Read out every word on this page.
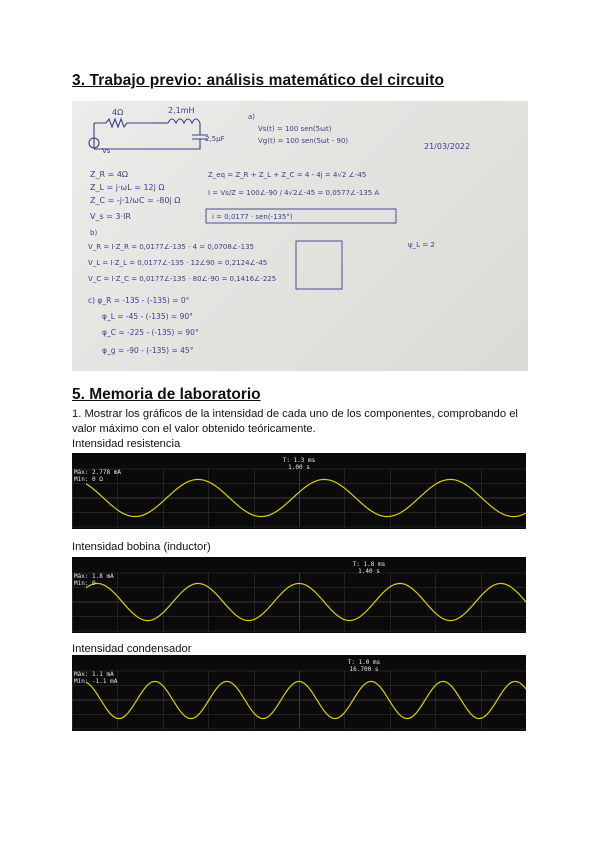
3. Trabajo previo: análisis matemático del circuito
4Ω	2,1mH
2,5μF
Vs
a)
Vs(t) = 100 sen(5ωt)
Vg(t) = 100 sen(5ωt - 90)
21/03/2022
Z_R = 4Ω
Z_L = j·ωL = 12j Ω
Z_C = -j·1/ωC = -80j Ω
V_s = 3·IR
Z_eq = Z_R + Z_L + Z_C = 4 - 4j = 4√2 ∠-45
I = Vs/Z = 100∠-90 / 4√2∠-45 = 0,0577∠-135 A
i = 0,0177 · sen(-135°)
b)
V_R = I·Z_R = 0,0177∠-135 · 4 = 0,0708∠-135
V_L = I·Z_L = 0,0177∠-135 · 12∠90 = 0,2124∠-45
V_C = I·Z_C = 0,0177∠-135 · 80∠-90 = 0,1416∠-225
ψ_L = 2
c) φ_R = -135 - (-135) = 0°
φ_L = -45 - (-135) = 90°
φ_C = -225 - (-135) = 90°
φ_g = -90 - (-135) = 45°
5. Memoria de laboratorio
1. Mostrar los gráficos de la intensidad de cada uno de los componentes, comprobando el valor máximo con el valor obtenido teóricamente.
Intensidad resistencia
Máx: 2.778 mA
Mín: 0 Ω
T: 1.3 ms
1.00 s
Intensidad bobina (inductor)
Máx: 1.8 mA
Mín: 0
T: 1.8 ms
1.40 s
Intensidad condensador
Máx: 1.1 mA
Mín: -1.1 mA
T: 1.0 ms
16.700 s
